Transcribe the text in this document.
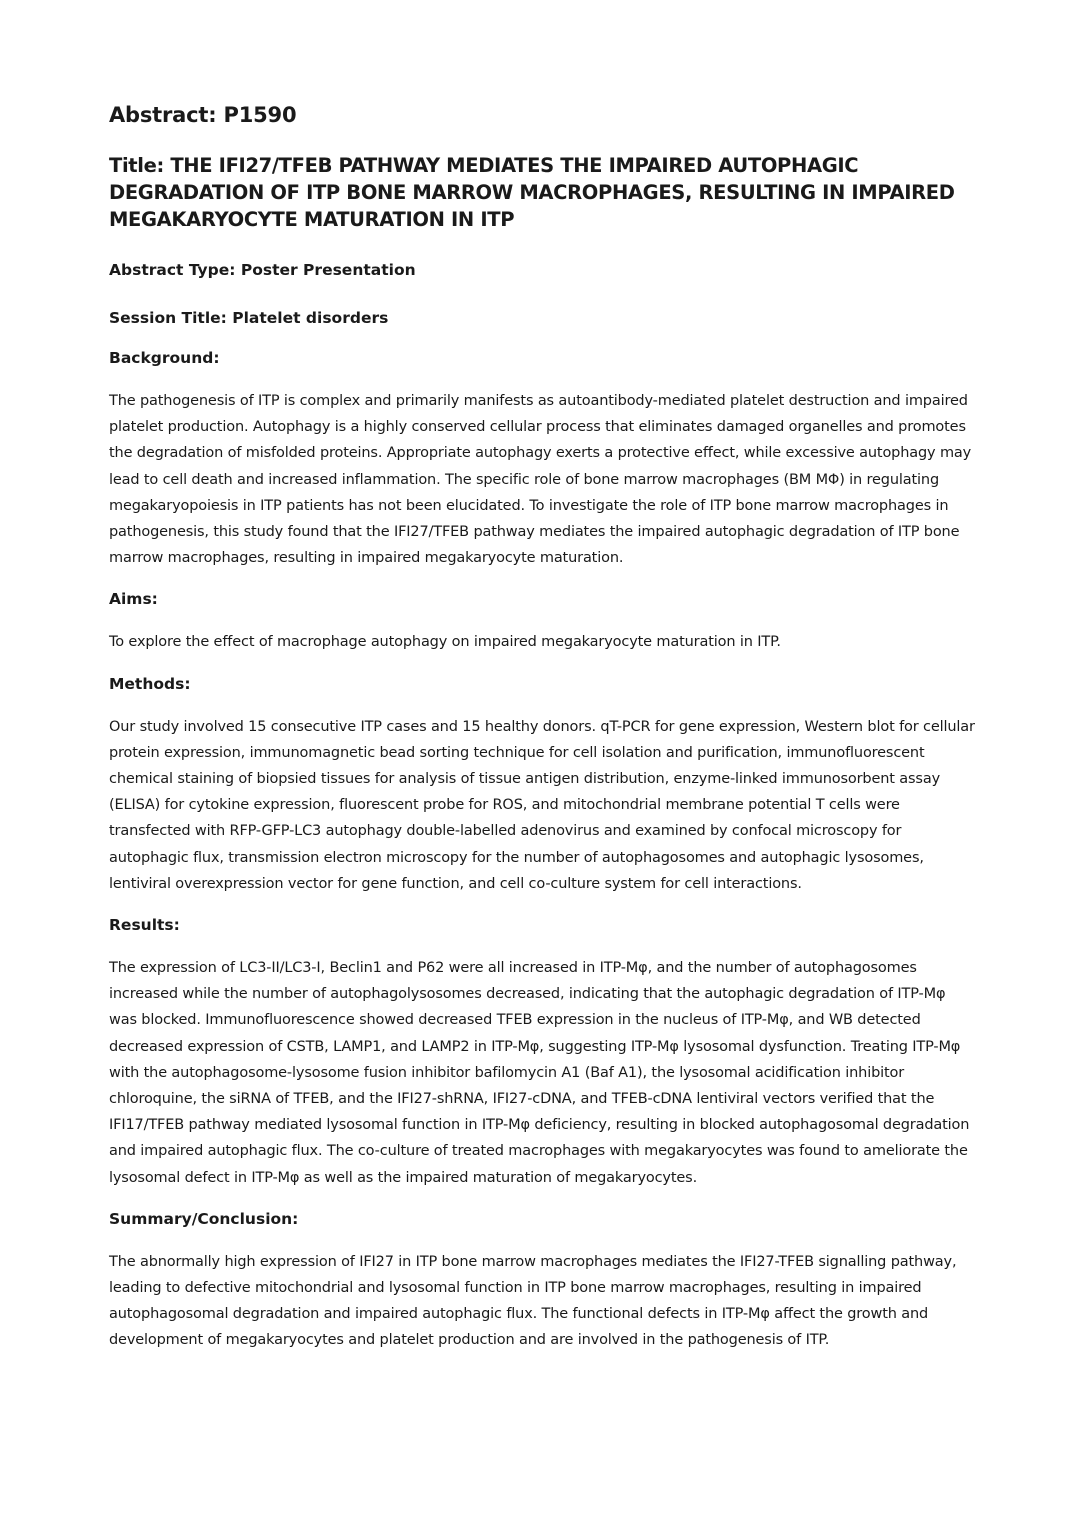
Abstract: P1590
Title: THE IFI27/TFEB PATHWAY MEDIATES THE IMPAIRED AUTOPHAGIC DEGRADATION OF ITP BONE MARROW MACROPHAGES, RESULTING IN IMPAIRED MEGAKARYOCYTE MATURATION IN ITP
Abstract Type: Poster Presentation
Session Title: Platelet disorders
Background:

The pathogenesis of ITP is complex and primarily manifests as autoantibody-mediated platelet destruction and impaired platelet production. Autophagy is a highly conserved cellular process that eliminates damaged organelles and promotes the degradation of misfolded proteins. Appropriate autophagy exerts a protective effect, while excessive autophagy may lead to cell death and increased inflammation. The specific role of bone marrow macrophages (BM MΦ) in regulating megakaryopoiesis in ITP patients has not been elucidated. To investigate the role of ITP bone marrow macrophages in pathogenesis, this study found that the IFI27/TFEB pathway mediates the impaired autophagic degradation of ITP bone marrow macrophages, resulting in impaired megakaryocyte maturation.

Aims:

To explore the effect of macrophage autophagy on impaired megakaryocyte maturation in ITP.

Methods:

Our study involved 15 consecutive ITP cases and 15 healthy donors. qT-PCR for gene expression, Western blot for cellular protein expression, immunomagnetic bead sorting technique for cell isolation and purification, immunofluorescent chemical staining of biopsied tissues for analysis of tissue antigen distribution, enzyme-linked immunosorbent assay (ELISA) for cytokine expression, fluorescent probe for ROS, and mitochondrial membrane potential T cells were transfected with RFP-GFP-LC3 autophagy double-labelled adenovirus and examined by confocal microscopy for autophagic flux, transmission electron microscopy for the number of autophagosomes and autophagic lysosomes, lentiviral overexpression vector for gene function, and cell co-culture system for cell interactions.

Results:

The expression of LC3-II/LC3-I, Beclin1 and P62 were all increased in ITP-Mφ, and the number of autophagosomes increased while the number of autophagolysosomes decreased, indicating that the autophagic degradation of ITP-Mφ was blocked. Immunofluorescence showed decreased TFEB expression in the nucleus of ITP-Mφ, and WB detected decreased expression of CSTB, LAMP1, and LAMP2 in ITP-Mφ, suggesting ITP-Mφ lysosomal dysfunction. Treating ITP-Mφ with the autophagosome-lysosome fusion inhibitor bafilomycin A1 (Baf A1), the lysosomal acidification inhibitor chloroquine, the siRNA of TFEB, and the IFI27-shRNA, IFI27-cDNA, and TFEB-cDNA lentiviral vectors verified that the IFI17/TFEB pathway mediated lysosomal function in ITP-Mφ deficiency, resulting in blocked autophagosomal degradation and impaired autophagic flux. The co-culture of treated macrophages with megakaryocytes was found to ameliorate the lysosomal defect in ITP-Mφ as well as the impaired maturation of megakaryocytes.

Summary/Conclusion:

The abnormally high expression of IFI27 in ITP bone marrow macrophages mediates the IFI27-TFEB signalling pathway, leading to defective mitochondrial and lysosomal function in ITP bone marrow macrophages, resulting in impaired autophagosomal degradation and impaired autophagic flux. The functional defects in ITP-Mφ affect the growth and development of megakaryocytes and platelet production and are involved in the pathogenesis of ITP.
